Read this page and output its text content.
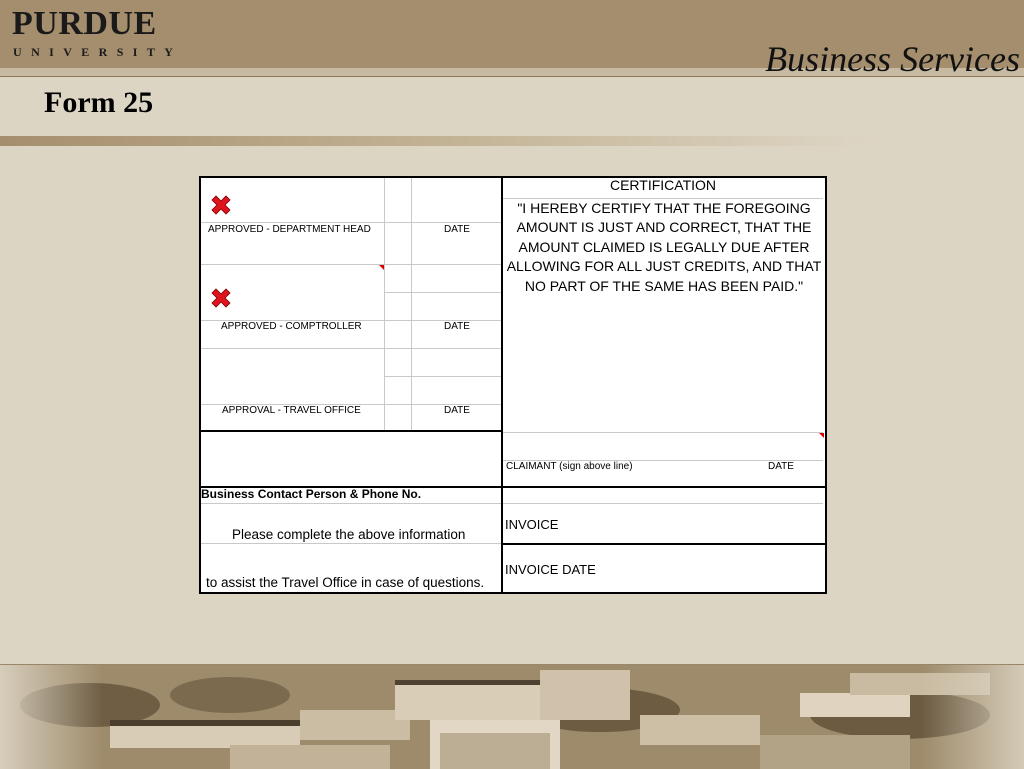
PURDUE
UNIVERSITY	Business Services
Form 25
APPROVED - DEPARTMENT HEAD	DATE
APPROVED - COMPTROLLER	DATE
APPROVAL - TRAVEL OFFICE	DATE
CERTIFICATION
"I HEREBY CERTIFY THAT THE FOREGOING AMOUNT IS JUST AND CORRECT, THAT THE AMOUNT CLAIMED IS LEGALLY DUE AFTER ALLOWING FOR ALL JUST CREDITS, AND THAT NO PART OF THE SAME HAS BEEN PAID."
CLAIMANT (sign above line)	DATE
Business Contact Person & Phone No.
Please complete the above information
to assist the Travel Office in case of questions.
INVOICE
INVOICE DATE
